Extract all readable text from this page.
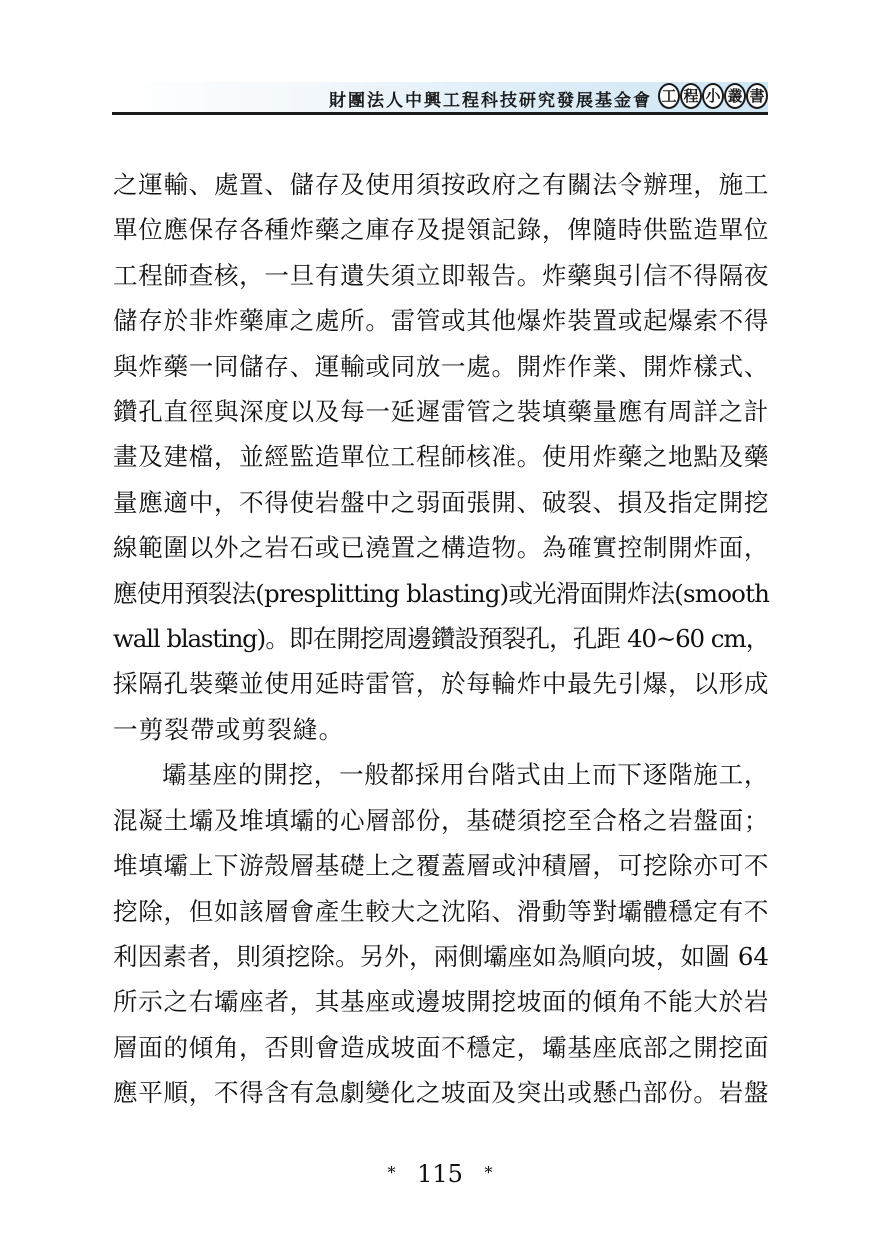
財團法人中興工程科技研究發展基金會 工 程 小 叢 書
之運輸、處置、儲存及使用須按政府之有關法令辦理，施工
單位應保存各種炸藥之庫存及提領記錄，俾隨時供監造單位
工程師查核，一旦有遺失須立即報告。炸藥與引信不得隔夜
儲存於非炸藥庫之處所。雷管或其他爆炸裝置或起爆索不得
與炸藥一同儲存、運輸或同放一處。開炸作業、開炸樣式、
鑽孔直徑與深度以及每一延遲雷管之裝填藥量應有周詳之計
畫及建檔，並經監造單位工程師核准。使用炸藥之地點及藥
量應適中，不得使岩盤中之弱面張開、破裂、損及指定開挖
線範圍以外之岩石或已澆置之構造物。為確實控制開炸面，
應使用預裂法(presplitting blasting)或光滑面開炸法(smooth
wall blasting)。即在開挖周邊鑽設預裂孔，孔距 40~60 cm，
採隔孔裝藥並使用延時雷管，於每輪炸中最先引爆，以形成
一剪裂帶或剪裂縫。
壩基座的開挖，一般都採用台階式由上而下逐階施工，
混凝土壩及堆填壩的心層部份，基礎須挖至合格之岩盤面；
堆填壩上下游殼層基礎上之覆蓋層或沖積層，可挖除亦可不
挖除，但如該層會產生較大之沈陷、滑動等對壩體穩定有不
利因素者，則須挖除。另外，兩側壩座如為順向坡，如圖 64
所示之右壩座者，其基座或邊坡開挖坡面的傾角不能大於岩
層面的傾角，否則會造成坡面不穩定，壩基座底部之開挖面
應平順，不得含有急劇變化之坡面及突出或懸凸部份。岩盤
* 115 *
